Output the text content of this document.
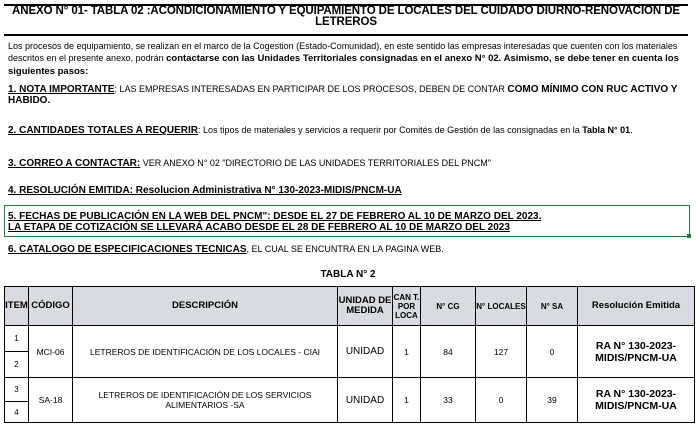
ANEXO N° 01- TABLA 02 :ACONDICIONAMIENTO Y EQUIPAMIENTO DE LOCALES DEL CUIDADO DIURNO-RENOVACION DE
LETREROS
Los procesos de equipamiento, se realizan en el marco de la Cogestion (Estado-Comunidad), en este sentido las empresas interesadas que cuenten con los materiales descritos en el presente anexo, podrán contactarse con las Unidades Territoriales consignadas en el anexo N° 02. Asimismo, se debe tener en cuenta los siguientes pasos:
1. NOTA IMPORTANTE: LAS EMPRESAS INTERESADAS EN PARTICIPAR DE LOS PROCESOS, DEBEN DE CONTAR COMO MÍNIMO CON RUC ACTIVO Y HABIDO.
2. CANTIDADES TOTALES A REQUERIR: Los tipos de materiales y servicios a requerir por Comités de Gestión de las consignadas en la Tabla N° 01.
3. CORREO A CONTACTAR: VER ANEXO N° 02 "DIRECTORIO DE LAS UNIDADES TERRITORIALES DEL PNCM"
4. RESOLUCIÓN EMITIDA: Resolucion Administrativa N° 130-2023-MIDIS/PNCM-UA
5. FECHAS DE PUBLICACIÓN EN LA WEB DEL PNCM": DESDE EL 27 DE FEBRERO AL 10 DE MARZO DEL 2023.
LA ETAPA DE COTIZACIÓN SE LLEVARÁ ACABO DESDE EL 28 DE FEBRERO AL 10 DE MARZO DEL 2023
6. CATALOGO DE ESPECIFICACIONES TECNICAS, EL CUAL SE ENCUNTRA EN LA PAGINA WEB.
TABLA N° 2
ITEM	CÓDIGO	DESCRIPCIÓN	UNIDAD DE MEDIDA	CAN T. POR LOCA	N° CG	N° LOCALES	N° SA	Resolución Emitida
1	MCI-06	LETREROS DE IDENTIFICACIÓN DE LOS LOCALES - CIAI	UNIDAD	1	84	127	0	RA N° 130-2023-MIDIS/PNCM-UA
2								
3	SA-18	LETREROS DE IDENTIFICACIÓN DE LOS SERVICIOS ALIMENTARIOS -SA	UNIDAD	1	33	0	39	RA N° 130-2023-MIDIS/PNCM-UA
4								
